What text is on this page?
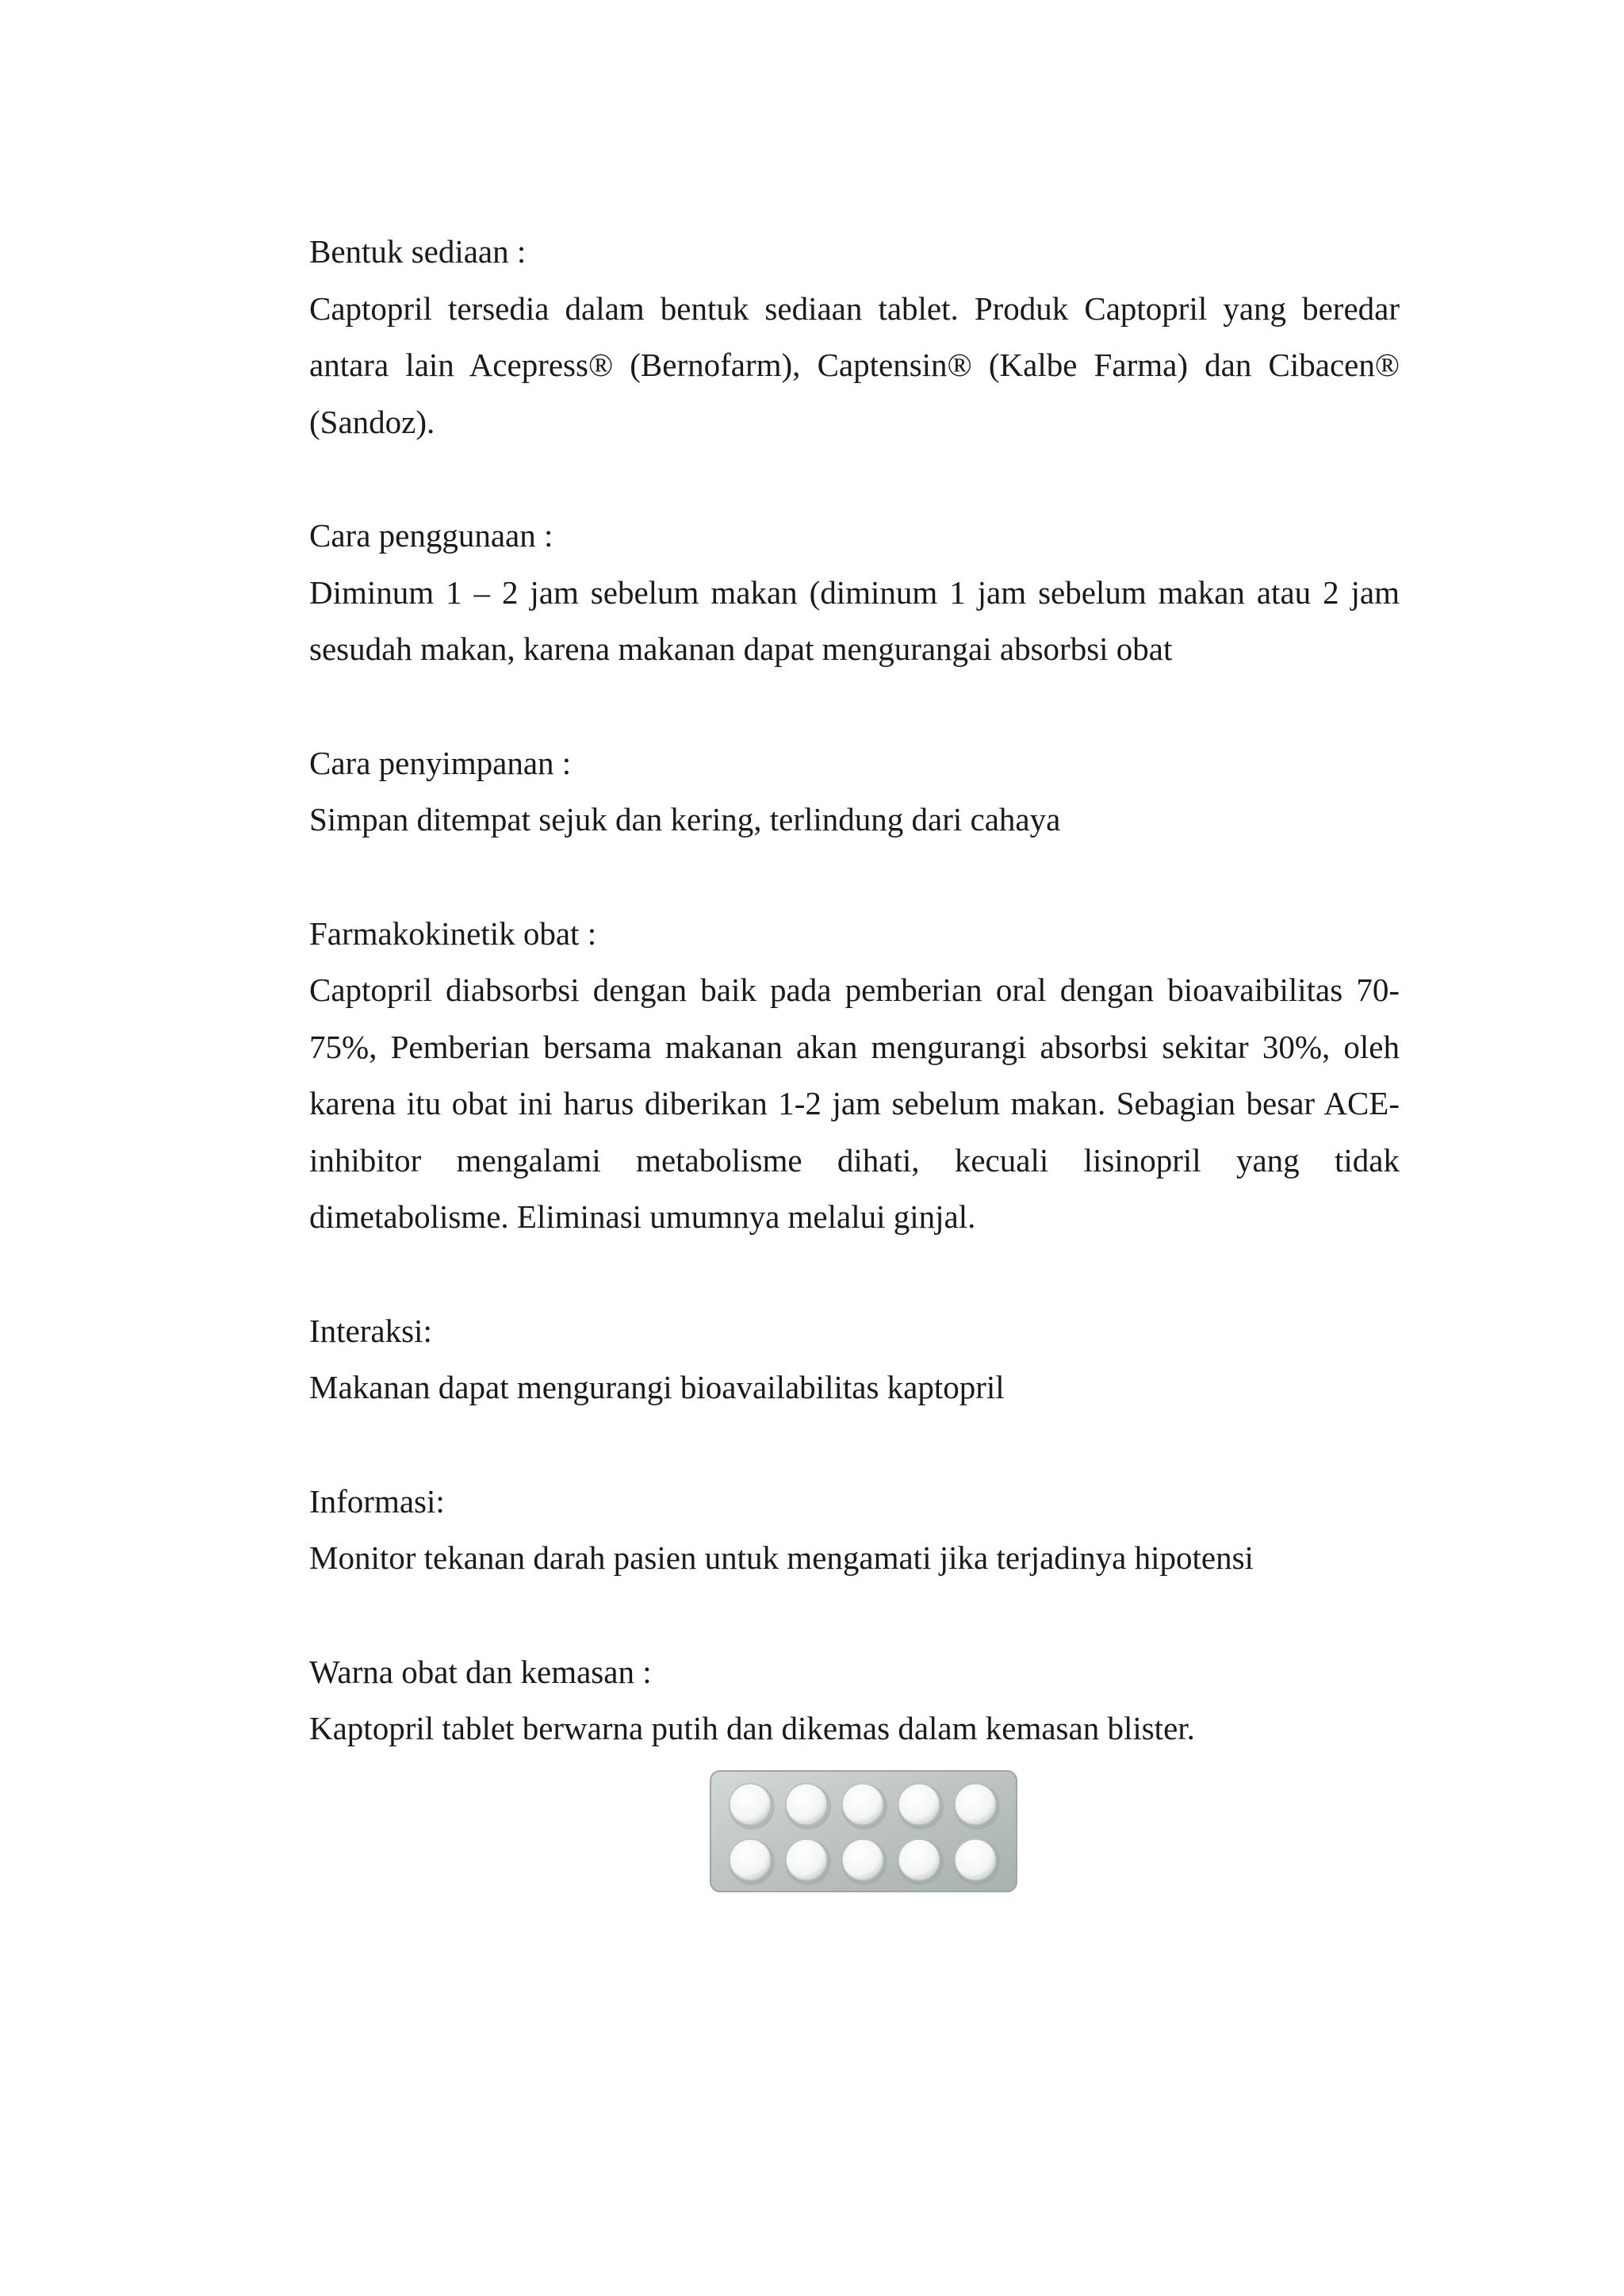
Bentuk sediaan :

Captopril tersedia dalam bentuk sediaan tablet. Produk Captopril yang beredar antara lain Acepress® (Bernofarm), Captensin® (Kalbe Farma) dan Cibacen® (Sandoz).

Cara penggunaan :

Diminum 1 – 2 jam sebelum makan (diminum 1 jam sebelum makan atau 2 jam sesudah makan, karena makanan dapat mengurangai absorbsi obat

Cara penyimpanan :

Simpan ditempat sejuk dan kering, terlindung dari cahaya

Farmakokinetik obat :

Captopril diabsorbsi dengan baik pada pemberian oral dengan bioavaibilitas 70-75%, Pemberian bersama makanan akan mengurangi absorbsi sekitar 30%, oleh karena itu obat ini harus diberikan 1-2 jam sebelum makan. Sebagian besar ACE-inhibitor mengalami metabolisme dihati, kecuali lisinopril yang tidak dimetabolisme. Eliminasi umumnya melalui ginjal.

Interaksi:

Makanan dapat mengurangi bioavailabilitas kaptopril

Informasi:

Monitor tekanan darah pasien untuk mengamati jika terjadinya hipotensi

Warna obat dan kemasan :

Kaptopril tablet berwarna putih dan dikemas dalam kemasan blister.
